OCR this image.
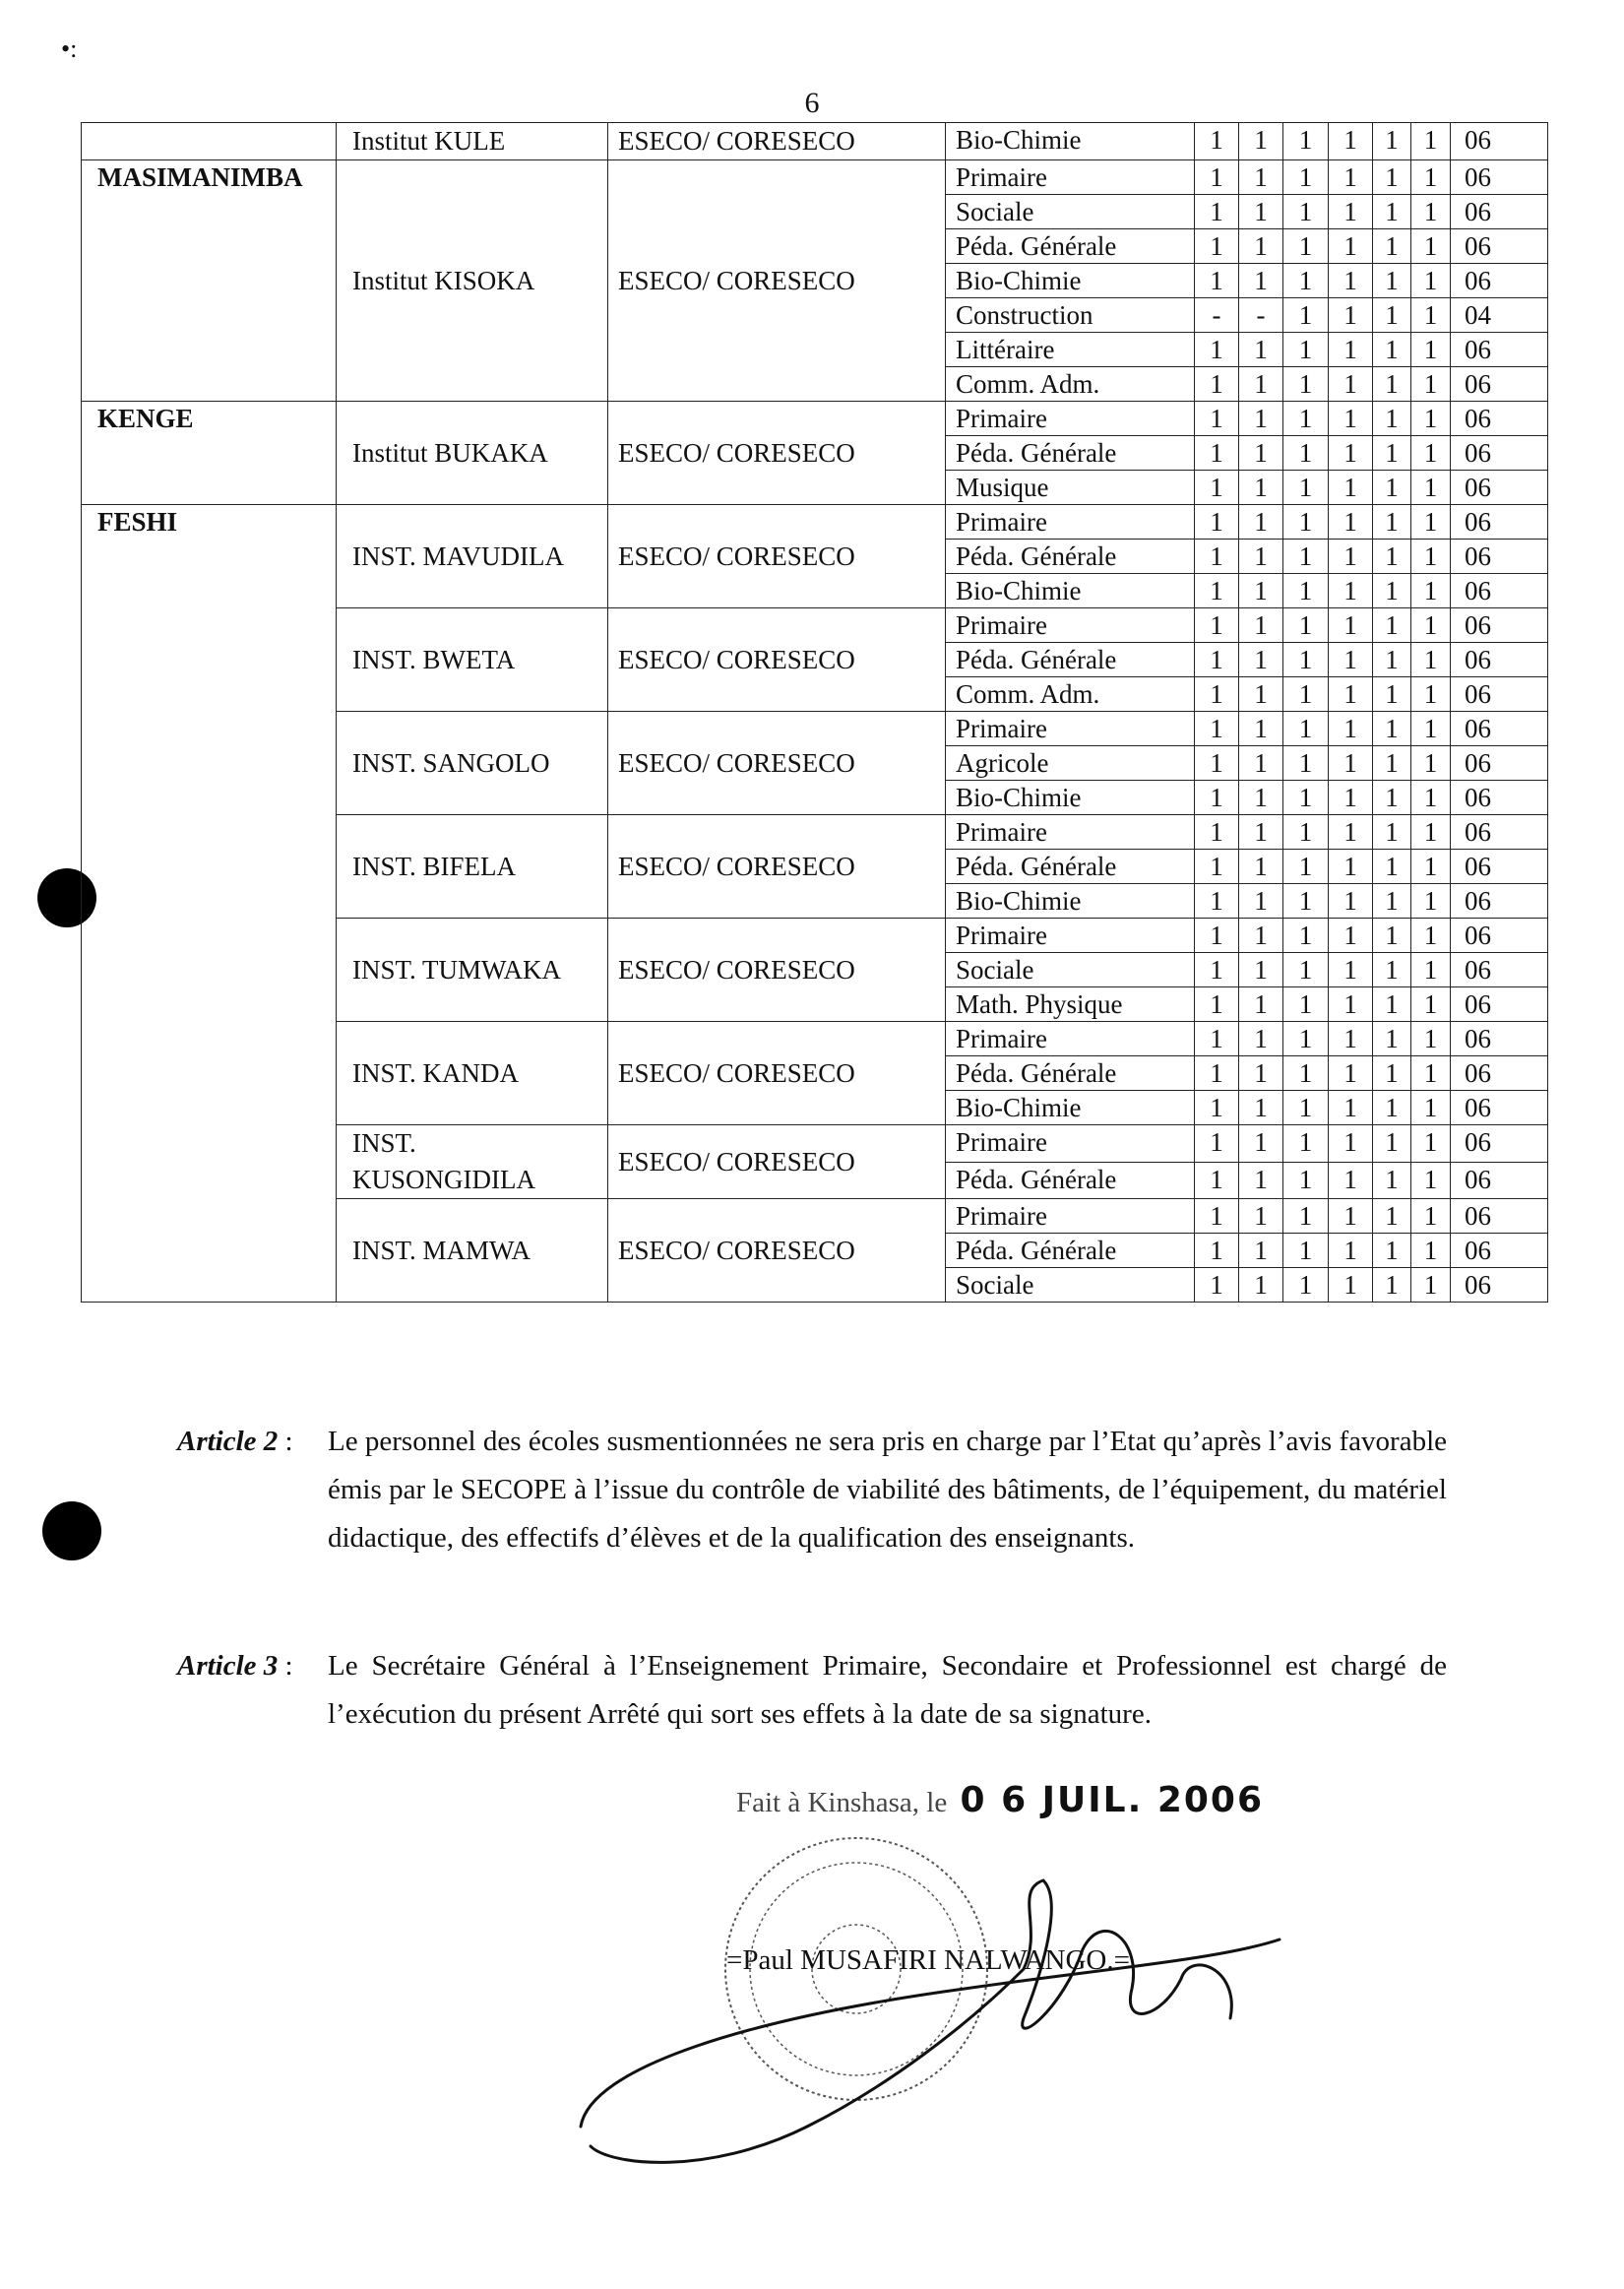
•:
6
	Institut KULE	ESECO/ CORESECO	Bio-Chimie	1	1	1	1	1	1	06
MASIMANIMBA	Institut KISOKA	ESECO/ CORESECO	Primaire	1	1	1	1	1	1	06
			Sociale	1	1	1	1	1	1	06
			Péda. Générale	1	1	1	1	1	1	06
			Bio-Chimie	1	1	1	1	1	1	06
			Construction	-	-	1	1	1	1	04
			Littéraire	1	1	1	1	1	1	06
			Comm. Adm.	1	1	1	1	1	1	06
KENGE	Institut BUKAKA	ESECO/ CORESECO	Primaire	1	1	1	1	1	1	06
			Péda. Générale	1	1	1	1	1	1	06
			Musique	1	1	1	1	1	1	06
FESHI	INST. MAVUDILA	ESECO/ CORESECO	Primaire	1	1	1	1	1	1	06
			Péda. Générale	1	1	1	1	1	1	06
			Bio-Chimie	1	1	1	1	1	1	06
	INST. BWETA	ESECO/ CORESECO	Primaire	1	1	1	1	1	1	06
			Péda. Générale	1	1	1	1	1	1	06
			Comm. Adm.	1	1	1	1	1	1	06
	INST. SANGOLO	ESECO/ CORESECO	Primaire	1	1	1	1	1	1	06
			Agricole	1	1	1	1	1	1	06
			Bio-Chimie	1	1	1	1	1	1	06
	INST. BIFELA	ESECO/ CORESECO	Primaire	1	1	1	1	1	1	06
			Péda. Générale	1	1	1	1	1	1	06
			Bio-Chimie	1	1	1	1	1	1	06
	INST. TUMWAKA	ESECO/ CORESECO	Primaire	1	1	1	1	1	1	06
			Sociale	1	1	1	1	1	1	06
			Math. Physique	1	1	1	1	1	1	06
	INST. KANDA	ESECO/ CORESECO	Primaire	1	1	1	1	1	1	06
			Péda. Générale	1	1	1	1	1	1	06
			Bio-Chimie	1	1	1	1	1	1	06
	INST. KUSONGIDILA	ESECO/ CORESECO	Primaire	1	1	1	1	1	1	06
			Péda. Générale	1	1	1	1	1	1	06
	INST. MAMWA	ESECO/ CORESECO	Primaire	1	1	1	1	1	1	06
			Péda. Générale	1	1	1	1	1	1	06
			Sociale	1	1	1	1	1	1	06
Article 2 : Le personnel des écoles susmentionnées ne sera pris en charge par l’Etat qu’après l’avis favorable émis par le SECOPE à l’issue du contrôle de viabilité des bâtiments, de l’équipement, du matériel didactique, des effectifs d’élèves et de la qualification des enseignants.
Article 3 : Le Secrétaire Général à l’Enseignement Primaire, Secondaire et Professionnel est chargé de l’exécution du présent Arrêté qui sort ses effets à la date de sa signature.
Fait à Kinshasa, le 0 6 JUIL. 2006
=Paul MUSAFIRI NALWANGO.=
